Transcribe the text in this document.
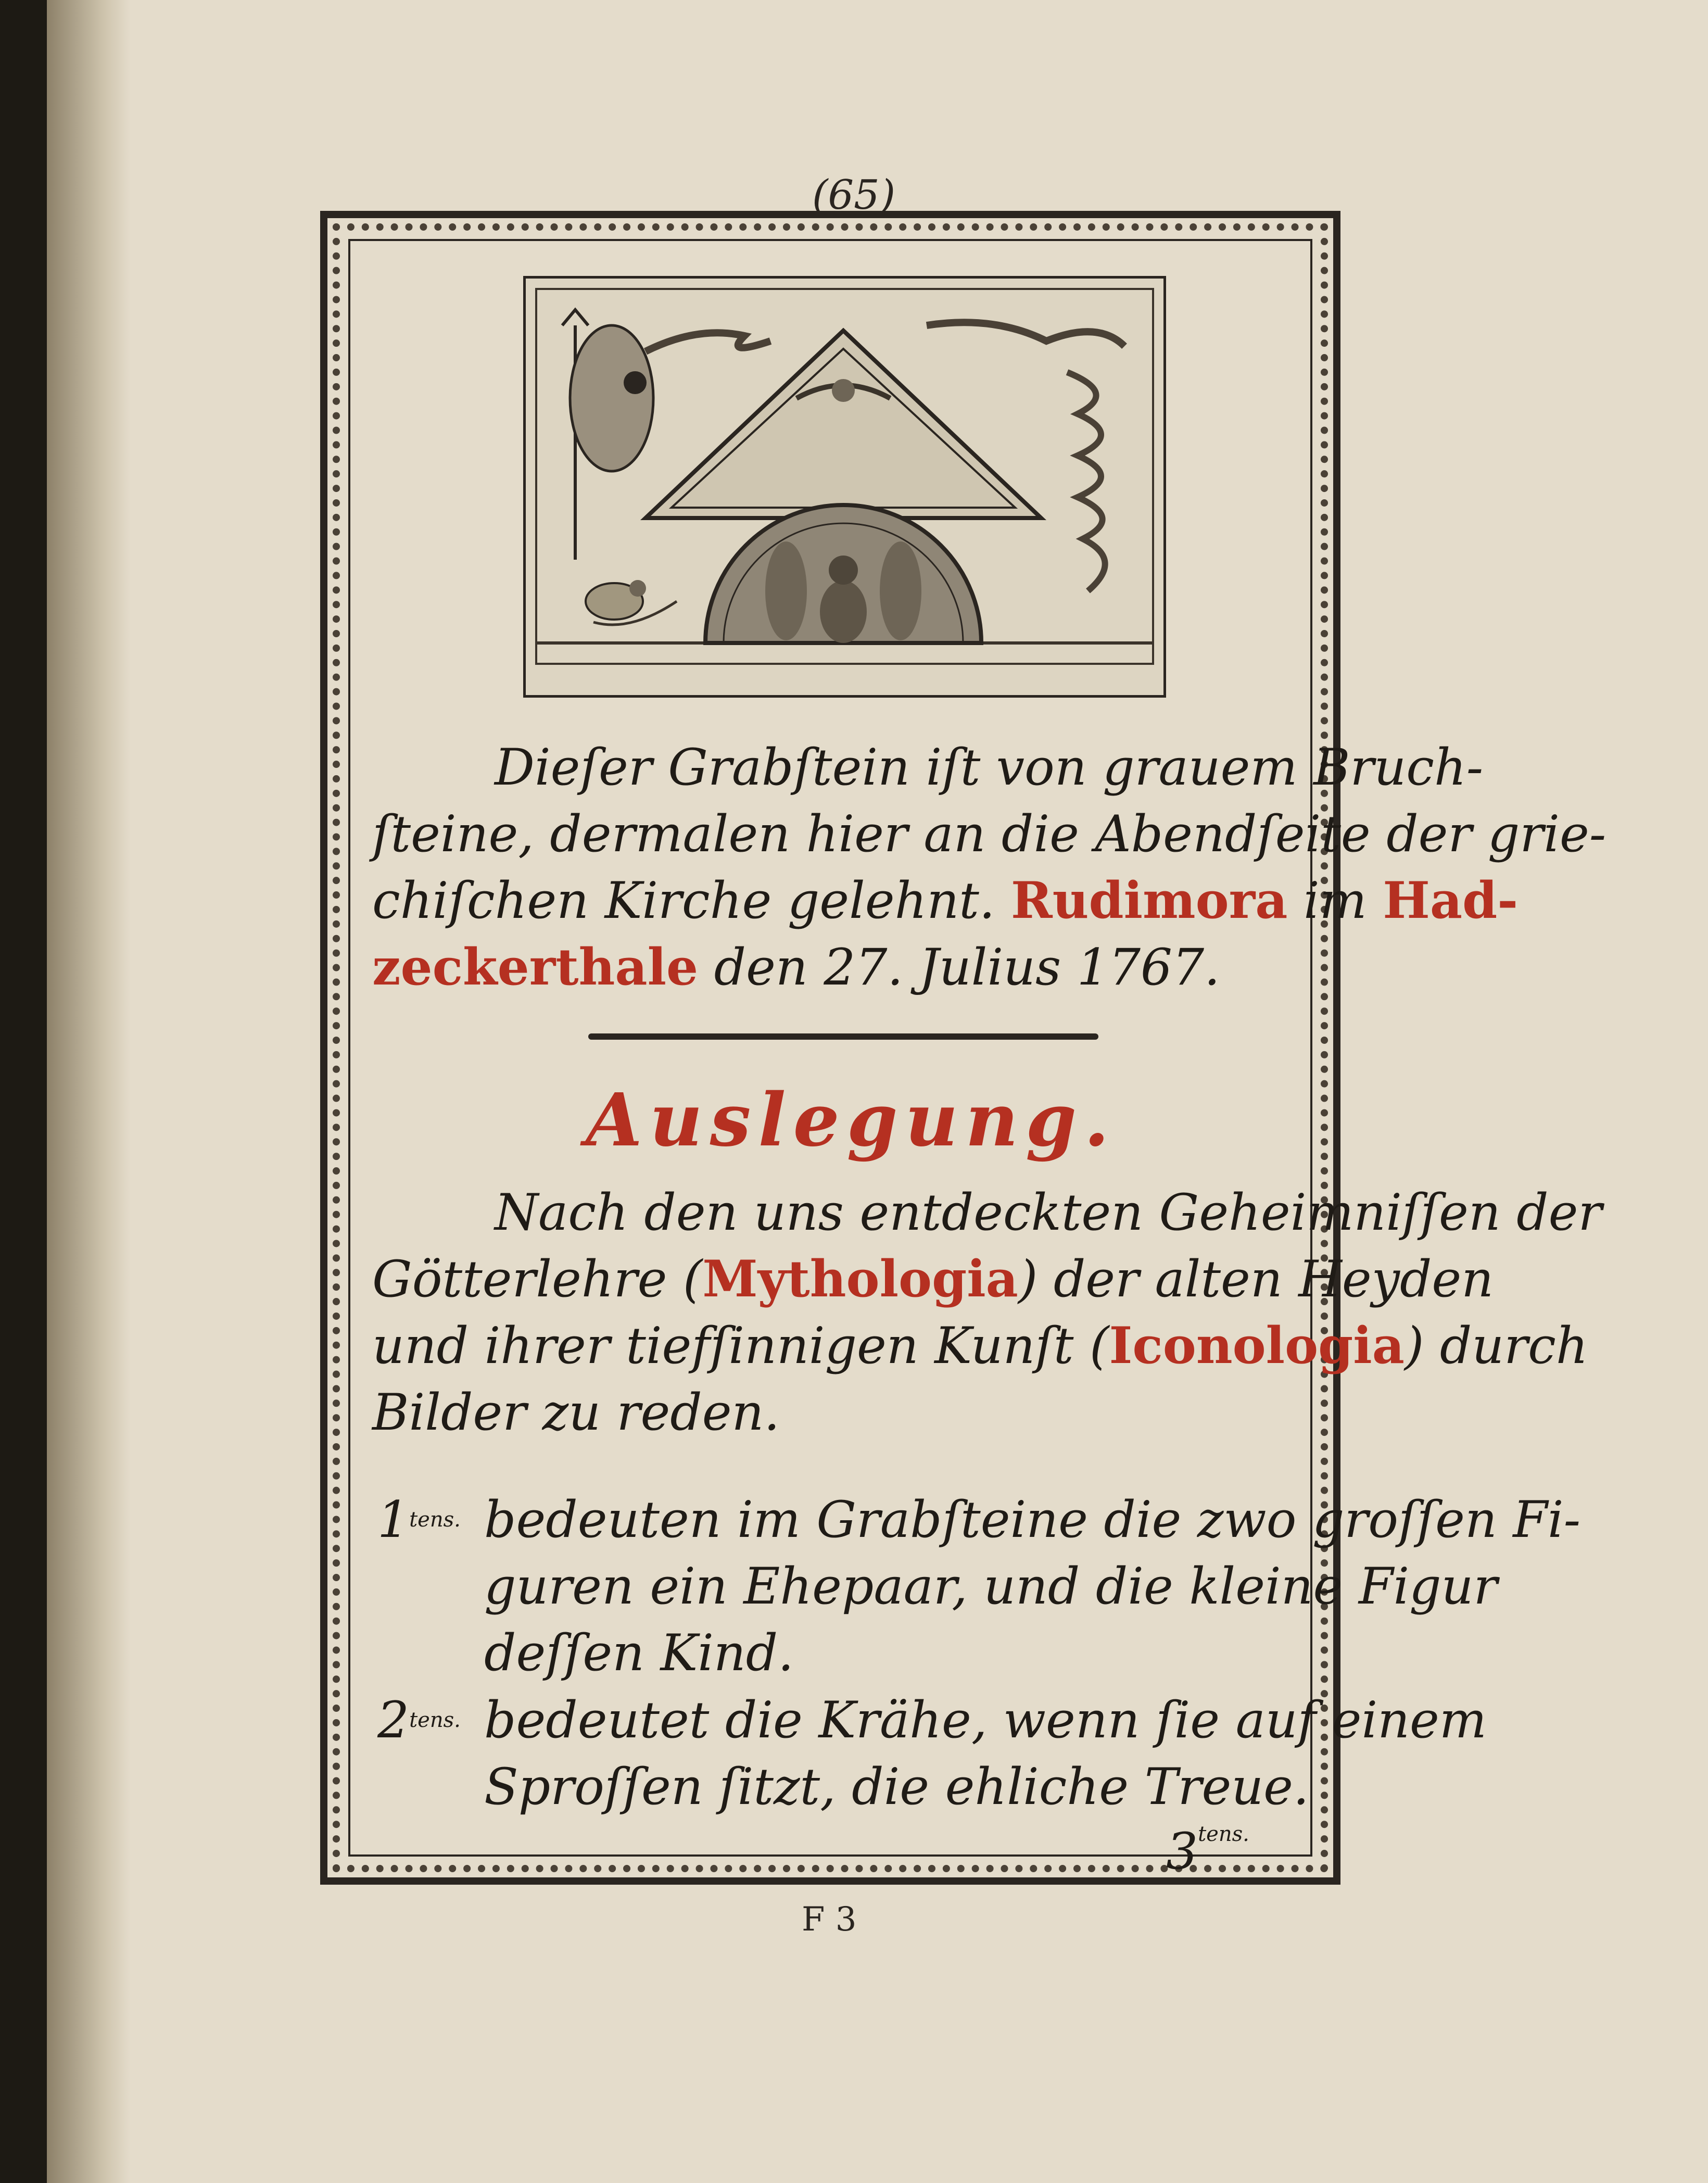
(65)
Dieſer Grabſtein iſt von grauem Bruch-
ſteine, dermalen hier an die Abendſeite der grie-
chiſchen Kirche gelehnt. Rudimora im Had-
zeckerthale den 27. Julius 1767.
Auslegung.
Nach den uns entdeckten Geheimniſſen der
Götterlehre (Mythologia) der alten Heyden
und ihrer tiefſinnigen Kunſt (Iconologia) durch
Bilder zu reden.
$1^{tens.}$ bedeuten im Grabſteine die zwo groſſen Fi-
guren ein Ehepaar, und die kleine Figur
deſſen Kind.
$2^{tens.}$ bedeutet die Krähe, wenn ſie auf einem
Sproſſen ſitzt, die ehliche Treue.
$3^{tens.}$
F 3
